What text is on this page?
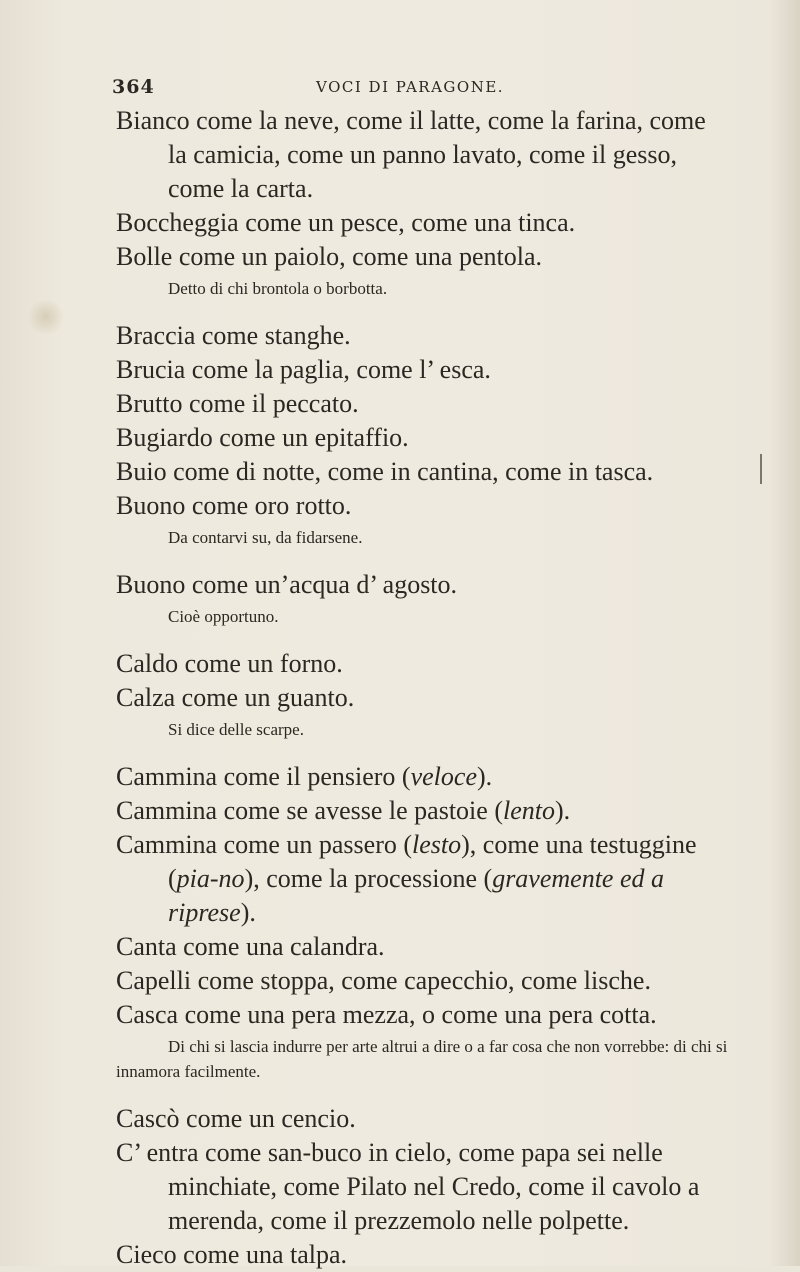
364	VOCI DI PARAGONE.

Bianco come la neve, come il latte, come la farina, come la camicia, come un panno lavato, come il gesso, come la carta.

Boccheggia come un pesce, come una tinca.

Bolle come un paiolo, come una pentola.

Detto di chi brontola o borbotta.

Braccia come stanghe.

Brucia come la paglia, come l’ esca.

Brutto come il peccato.

Bugiardo come un epitaffio.

Buio come di notte, come in cantina, come in tasca.

Buono come oro rotto.

Da contarvi su, da fidarsene.

Buono come un’acqua d’ agosto.

Cioè opportuno.

Caldo come un forno.

Calza come un guanto.

Si dice delle scarpe.

Cammina come il pensiero (veloce).

Cammina come se avesse le pastoie (lento).

Cammina come un passero (lesto), come una testuggine (pia-no), come la processione (gravemente ed a riprese).

Canta come una calandra.

Capelli come stoppa, come capecchio, come lische.

Casca come una pera mezza, o come una pera cotta.

Di chi si lascia indurre per arte altrui a dire o a far cosa che non vorrebbe: di chi si innamora facilmente.

Cascò come un cencio.

C’ entra come san-buco in cielo, come papa sei nelle minchiate, come Pilato nel Credo, come il cavolo a merenda, come il prezzemolo nelle polpette.

Cieco come una talpa.
